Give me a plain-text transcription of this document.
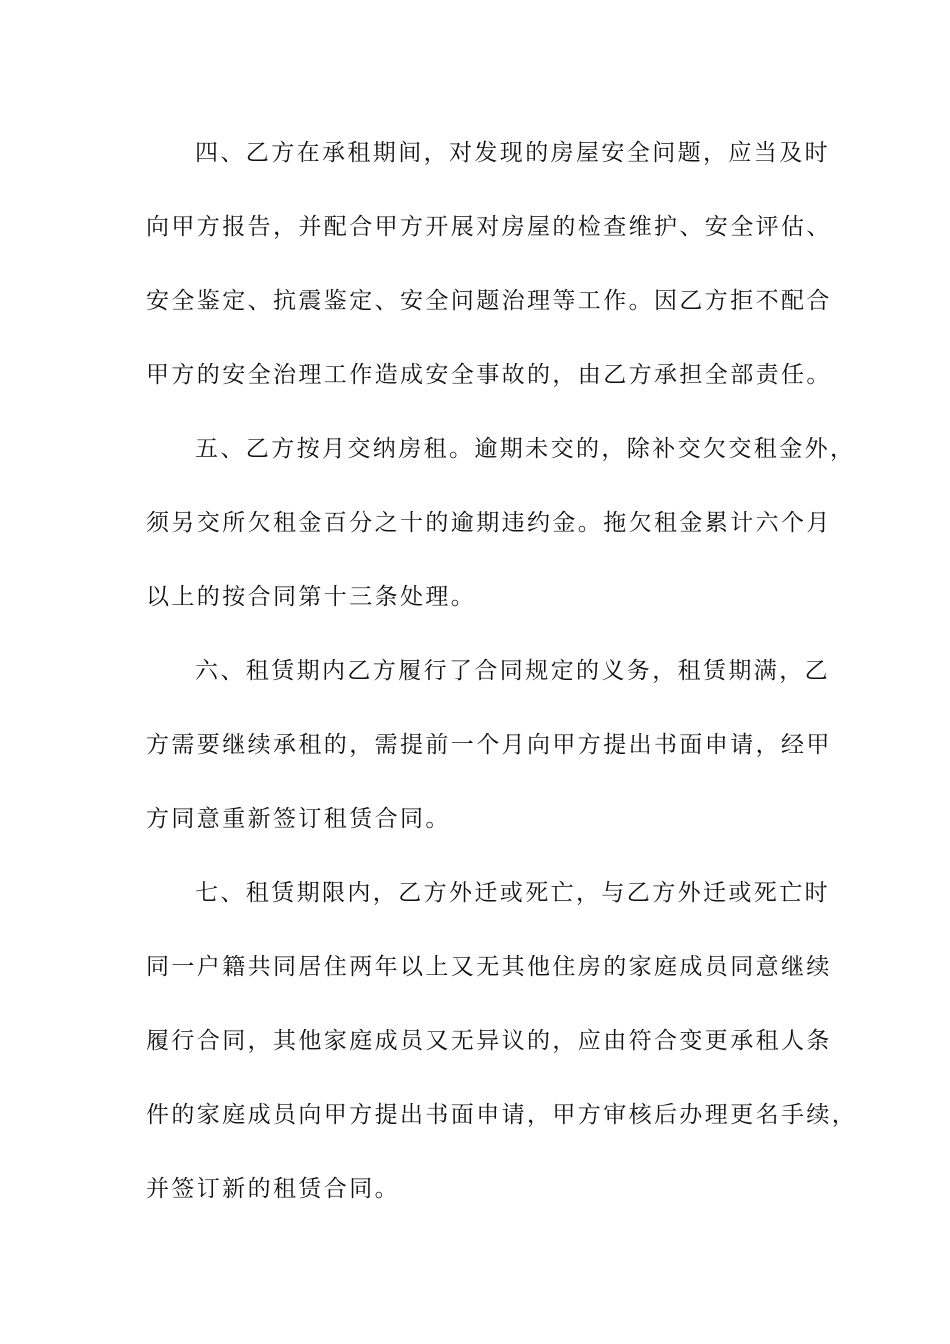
四、乙方在承租期间，对发现的房屋安全问题，应当及时
向甲方报告，并配合甲方开展对房屋的检查维护、安全评估、
安全鉴定、抗震鉴定、安全问题治理等工作。因乙方拒不配合
甲方的安全治理工作造成安全事故的，由乙方承担全部责任。
五、乙方按月交纳房租。逾期未交的，除补交欠交租金外，
须另交所欠租金百分之十的逾期违约金。拖欠租金累计六个月
以上的按合同第十三条处理。
六、租赁期内乙方履行了合同规定的义务，租赁期满，乙
方需要继续承租的，需提前一个月向甲方提出书面申请，经甲
方同意重新签订租赁合同。
七、租赁期限内，乙方外迁或死亡，与乙方外迁或死亡时
同一户籍共同居住两年以上又无其他住房的家庭成员同意继续
履行合同，其他家庭成员又无异议的，应由符合变更承租人条
件的家庭成员向甲方提出书面申请，甲方审核后办理更名手续，
并签订新的租赁合同。
